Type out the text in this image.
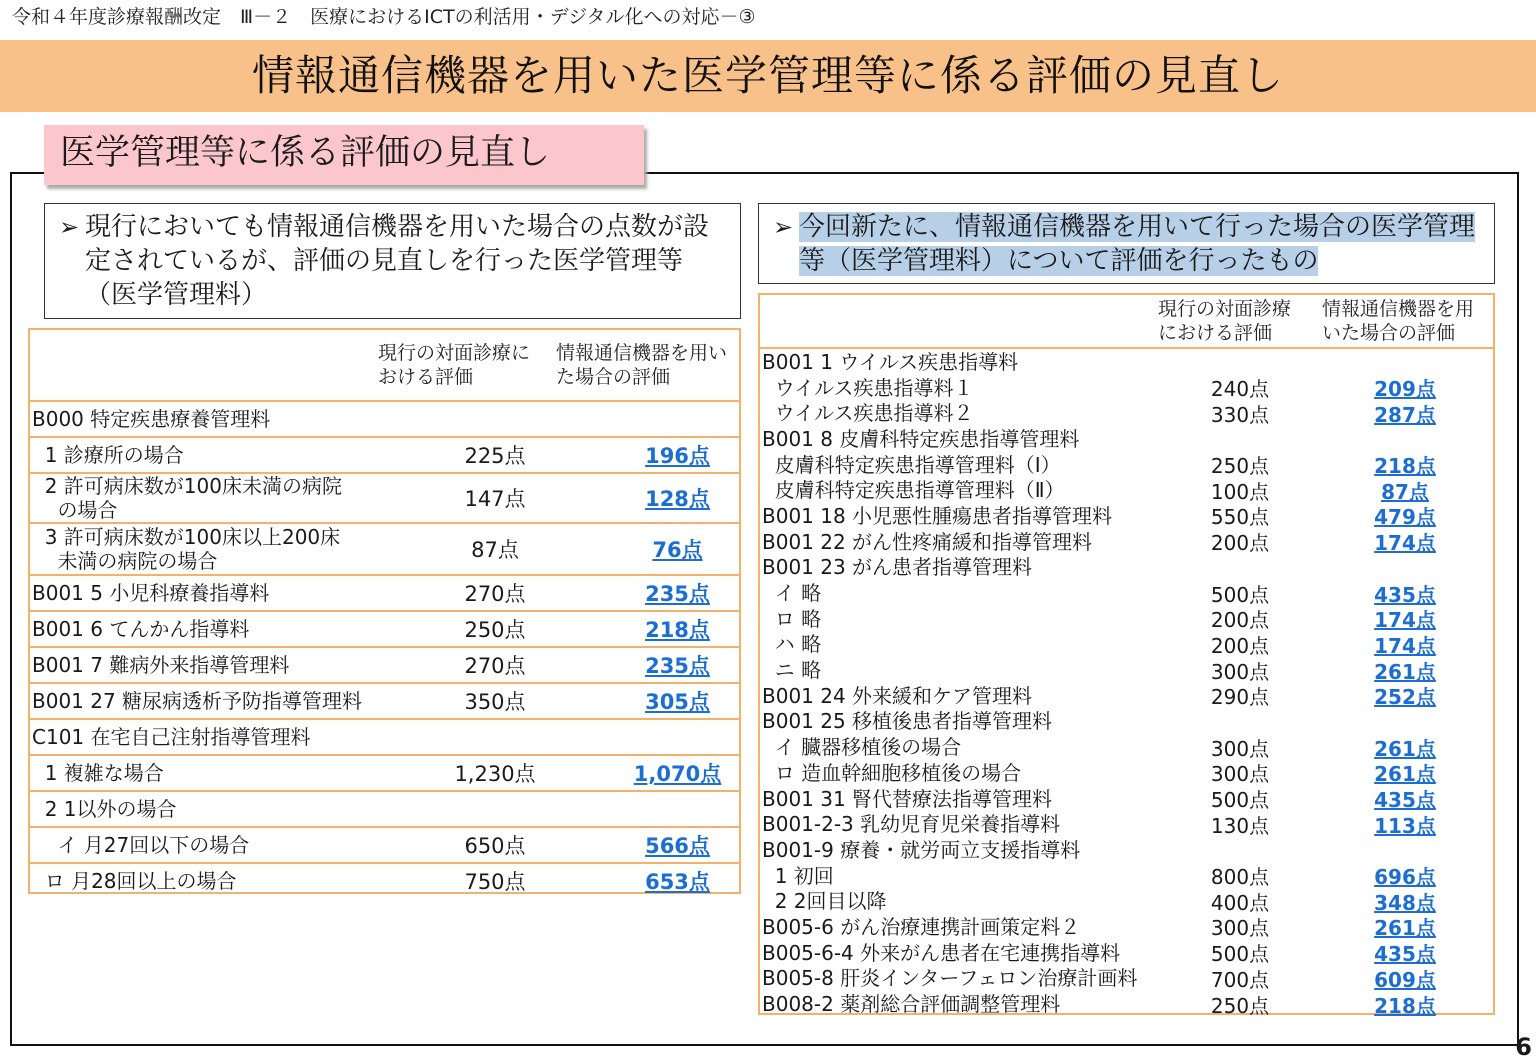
令和４年度診療報酬改定　Ⅲ－２　医療におけるICTの利活用・デジタル化への対応－③
情報通信機器を用いた医学管理等に係る評価の見直し
医学管理等に係る評価の見直し
➢ 現行においても情報通信機器を用いた場合の点数が設定されているが、評価の見直しを行った医学管理等（医学管理料）
➢ 今回新たに、情報通信機器を用いて行った場合の医学管理等（医学管理料）について評価を行ったもの
現行の対面診療における評価
情報通信機器を用いた場合の評価
B000 特定疾患療養管理料
1 診療所の場合	225点	196点
2 許可病床数が100床未満の病院
の場合	147点	128点
3 許可病床数が100床以上200床
未満の病院の場合	87点	76点
B001 5 小児科療養指導料	270点	235点
B001 6 てんかん指導料	250点	218点
B001 7 難病外来指導管理料	270点	235点
B001 27 糖尿病透析予防指導管理料	350点	305点
C101 在宅自己注射指導管理料
1 複雑な場合	1,230点	1,070点
2 1以外の場合
イ 月27回以下の場合	650点	566点
ロ 月28回以上の場合	750点	653点
現行の対面診療における評価
情報通信機器を用いた場合の評価
B001 1 ウイルス疾患指導料
ウイルス疾患指導料１	240点	209点
ウイルス疾患指導料２	330点	287点
B001 8 皮膚科特定疾患指導管理料
皮膚科特定疾患指導管理料（Ⅰ）	250点	218点
皮膚科特定疾患指導管理料（Ⅱ）	100点	87点
B001 18 小児悪性腫瘍患者指導管理料	550点	479点
B001 22 がん性疼痛緩和指導管理料	200点	174点
B001 23 がん患者指導管理料
イ 略	500点	435点
ロ 略	200点	174点
ハ 略	200点	174点
ニ 略	300点	261点
B001 24 外来緩和ケア管理料	290点	252点
B001 25 移植後患者指導管理料
イ 臓器移植後の場合	300点	261点
ロ 造血幹細胞移植後の場合	300点	261点
B001 31 腎代替療法指導管理料	500点	435点
B001-2-3 乳幼児育児栄養指導料	130点	113点
B001-9 療養・就労両立支援指導料
1 初回	800点	696点
2 2回目以降	400点	348点
B005-6 がん治療連携計画策定料２	300点	261点
B005-6-4 外来がん患者在宅連携指導料	500点	435点
B005-8 肝炎インターフェロン治療計画料	700点	609点
B008-2 薬剤総合評価調整管理料	250点	218点
6
